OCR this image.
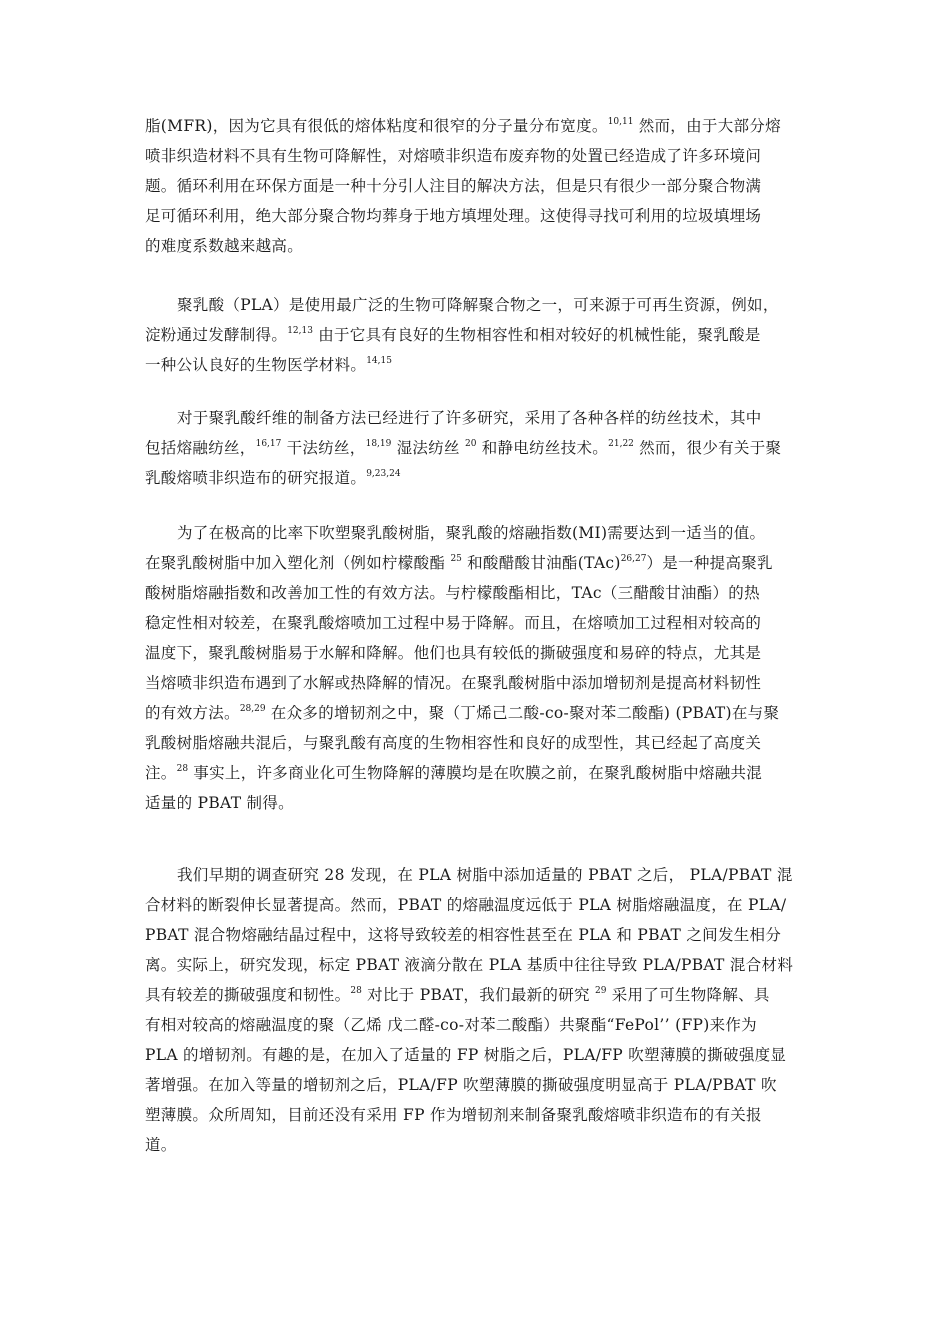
脂(MFR)，因为它具有很低的熔体粘度和很窄的分子量分布宽度。$^{10,11}$ 然而，由于大部分熔
喷非织造材料不具有生物可降解性，对熔喷非织造布废弃物的处置已经造成了许多环境问
题。循环利用在环保方面是一种十分引人注目的解决方法，但是只有很少一部分聚合物满
足可循环利用，绝大部分聚合物均葬身于地方填埋处理。这使得寻找可利用的垃圾填埋场
的难度系数越来越高。
聚乳酸（PLA）是使用最广泛的生物可降解聚合物之一，可来源于可再生资源，例如，
淀粉通过发酵制得。$^{12,13}$ 由于它具有良好的生物相容性和相对较好的机械性能，聚乳酸是
一种公认良好的生物医学材料。$^{14,15}$
对于聚乳酸纤维的制备方法已经进行了许多研究，采用了各种各样的纺丝技术，其中
包括熔融纺丝，$^{16,17}$ 干法纺丝，$^{18,19}$ 湿法纺丝 $^{20}$ 和静电纺丝技术。$^{21,22}$ 然而，很少有关于聚
乳酸熔喷非织造布的研究报道。$^{9,23,24}$
为了在极高的比率下吹塑聚乳酸树脂，聚乳酸的熔融指数(MI)需要达到一适当的值。
在聚乳酸树脂中加入塑化剂（例如柠檬酸酯 $^{25}$ 和酸醋酸甘油酯(TAc)$^{26,27}$）是一种提高聚乳
酸树脂熔融指数和改善加工性的有效方法。与柠檬酸酯相比，TAc（三醋酸甘油酯）的热
稳定性相对较差，在聚乳酸熔喷加工过程中易于降解。而且，在熔喷加工过程相对较高的
温度下，聚乳酸树脂易于水解和降解。他们也具有较低的撕破强度和易碎的特点，尤其是
当熔喷非织造布遇到了水解或热降解的情况。在聚乳酸树脂中添加增韧剂是提高材料韧性
的有效方法。$^{28,29}$ 在众多的增韧剂之中，聚（丁烯己二酸-co-聚对苯二酸酯) (PBAT)在与聚
乳酸树脂熔融共混后，与聚乳酸有高度的生物相容性和良好的成型性，其已经起了高度关
注。$^{28}$ 事实上，许多商业化可生物降解的薄膜均是在吹膜之前，在聚乳酸树脂中熔融共混
适量的 PBAT 制得。
我们早期的调查研究 28 发现，在 PLA 树脂中添加适量的 PBAT 之后， PLA/PBAT 混
合材料的断裂伸长显著提高。然而，PBAT 的熔融温度远低于 PLA 树脂熔融温度，在 PLA/
PBAT 混合物熔融结晶过程中，这将导致较差的相容性甚至在 PLA 和 PBAT 之间发生相分
离。实际上，研究发现，标定 PBAT 液滴分散在 PLA 基质中往往导致 PLA/PBAT 混合材料
具有较差的撕破强度和韧性。$^{28}$ 对比于 PBAT，我们最新的研究 $^{29}$ 采用了可生物降解、具
有相对较高的熔融温度的聚（乙烯 戊二醛-co-对苯二酸酯）共聚酯“FePol’’ (FP)来作为
PLA 的增韧剂。有趣的是，在加入了适量的 FP 树脂之后，PLA/FP 吹塑薄膜的撕破强度显
著增强。在加入等量的增韧剂之后，PLA/FP 吹塑薄膜的撕破强度明显高于 PLA/PBAT 吹
塑薄膜。众所周知，目前还没有采用 FP 作为增韧剂来制备聚乳酸熔喷非织造布的有关报
道。
